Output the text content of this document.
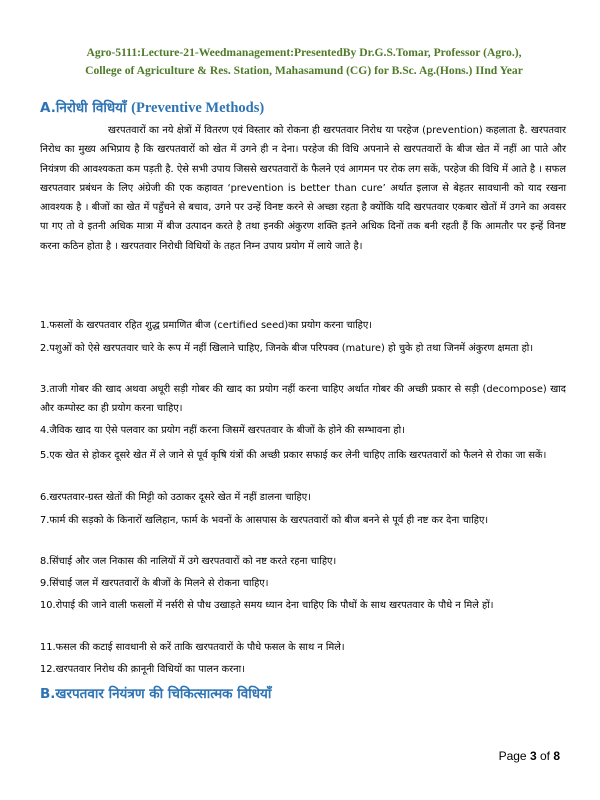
Agro-5111:Lecture-21-Weedmanagement:PresentedBy Dr.G.S.Tomar, Professor (Agro.),
College of Agriculture & Res. Station, Mahasamund (CG) for B.Sc. Ag.(Hons.) IInd Year
A.निरोधी विधियाँ (Preventive Methods)
खरपतवारों का नये क्षेत्रों में वितरण एवं विस्तार को रोकना ही खरपतवार निरोध या परहेज (prevention) कहलाता है. खरपतवार निरोध का मुख्य अभिप्राय है कि खरपतवारों को खेत में उगने ही न देना। परहेज की विधि अपनाने से खरपतवारों के बीज खेत में नहीं आ पाते और नियंत्रण की आवश्यकता कम पड़ती है. ऐसे सभी उपाय जिससे खरपतवारों के फैलने एवं आगमन पर रोक लग सकें, परहेज की विधि में आते है । सफल खरपतवार प्रबंधन के लिए अंग्रेजी की एक कहावत ‘prevention is better than cure’ अर्थात इलाज से बेहतर सावधानी को याद रखना आवश्यक है । बीजों का खेत में पहुँचने से बचाव, उगने पर उन्हें विनष्ट करने से अच्छा रहता है क्योंकि यदि खरपतवार एकबार खेतों में उगने का अवसर पा गए तो वे इतनी अधिक मात्रा में बीज उत्पादन करते है तथा इनकी अंकुरण शक्ति इतने अधिक दिनों तक बनी रहती हैं कि आमतौर पर इन्हें विनष्ट करना कठिन होता है । खरपतवार निरोधी विधियों के तहत निम्न उपाय प्रयोग में लाये जाते है।
1.फसलों के खरपतवार रहित शुद्ध प्रमाणित बीज (certified seed)का प्रयोग करना चाहिए।
2.पशुओं को ऐसे खरपतवार चारे के रूप में नहीं खिलाने चाहिए, जिनके बीज परिपक्व (mature) हो चुके हो तथा जिनमें अंकुरण क्षमता हो।
3.ताजी गोबर की खाद अथवा अधूरी सड़ी गोबर की खाद का प्रयोग नहीं करना चाहिए अर्थात गोबर की अच्छी प्रकार से सड़ी (decompose) खाद और कम्पोस्ट का ही प्रयोग करना चाहिए।
4.जैविक खाद या ऐसे पलवार का प्रयोग नहीं करना जिसमें खरपतवार के बीजों के होने की सम्भावना हो।
5.एक खेत से होकर दूसरे खेत में ले जाने से पूर्व कृषि यंत्रों की अच्छी प्रकार सफाई कर लेनी चाहिए ताकि खरपतवारों को फैलने से रोका जा सकें।
6.खरपतवार-ग्रस्त खेतों की मिट्टी को उठाकर दूसरे खेत में नहीं डालना चाहिए।
7.फार्म की सड़को के किनारों खलिहान, फार्म के भवनों के आसपास के खरपतवारों को बीज बनने से पूर्व ही नष्ट कर देना चाहिए।
8.सिंचाई और जल निकास की नालियों में उगे खरपतवारों को नष्ट करते रहना चाहिए।
9.सिंचाई जल में खरपतवारों के बीजों के मिलने से रोकना चाहिए।
10.रोपाई की जाने वाली फसलों में नर्सरी से पौध उखाड़ते समय ध्यान देना चाहिए कि पौधों के साथ खरपतवार के पौधे न मिले हों।
11.फसल की कटाई सावधानी से करें ताकि खरपतवारों के पौधे फसल के साथ न मिले।
12.खरपतवार निरोध की क़ानूनी विधियों का पालन करना।
B.खरपतवार नियंत्रण की चिकित्सात्मक विधियाँ
Page 3 of 8
